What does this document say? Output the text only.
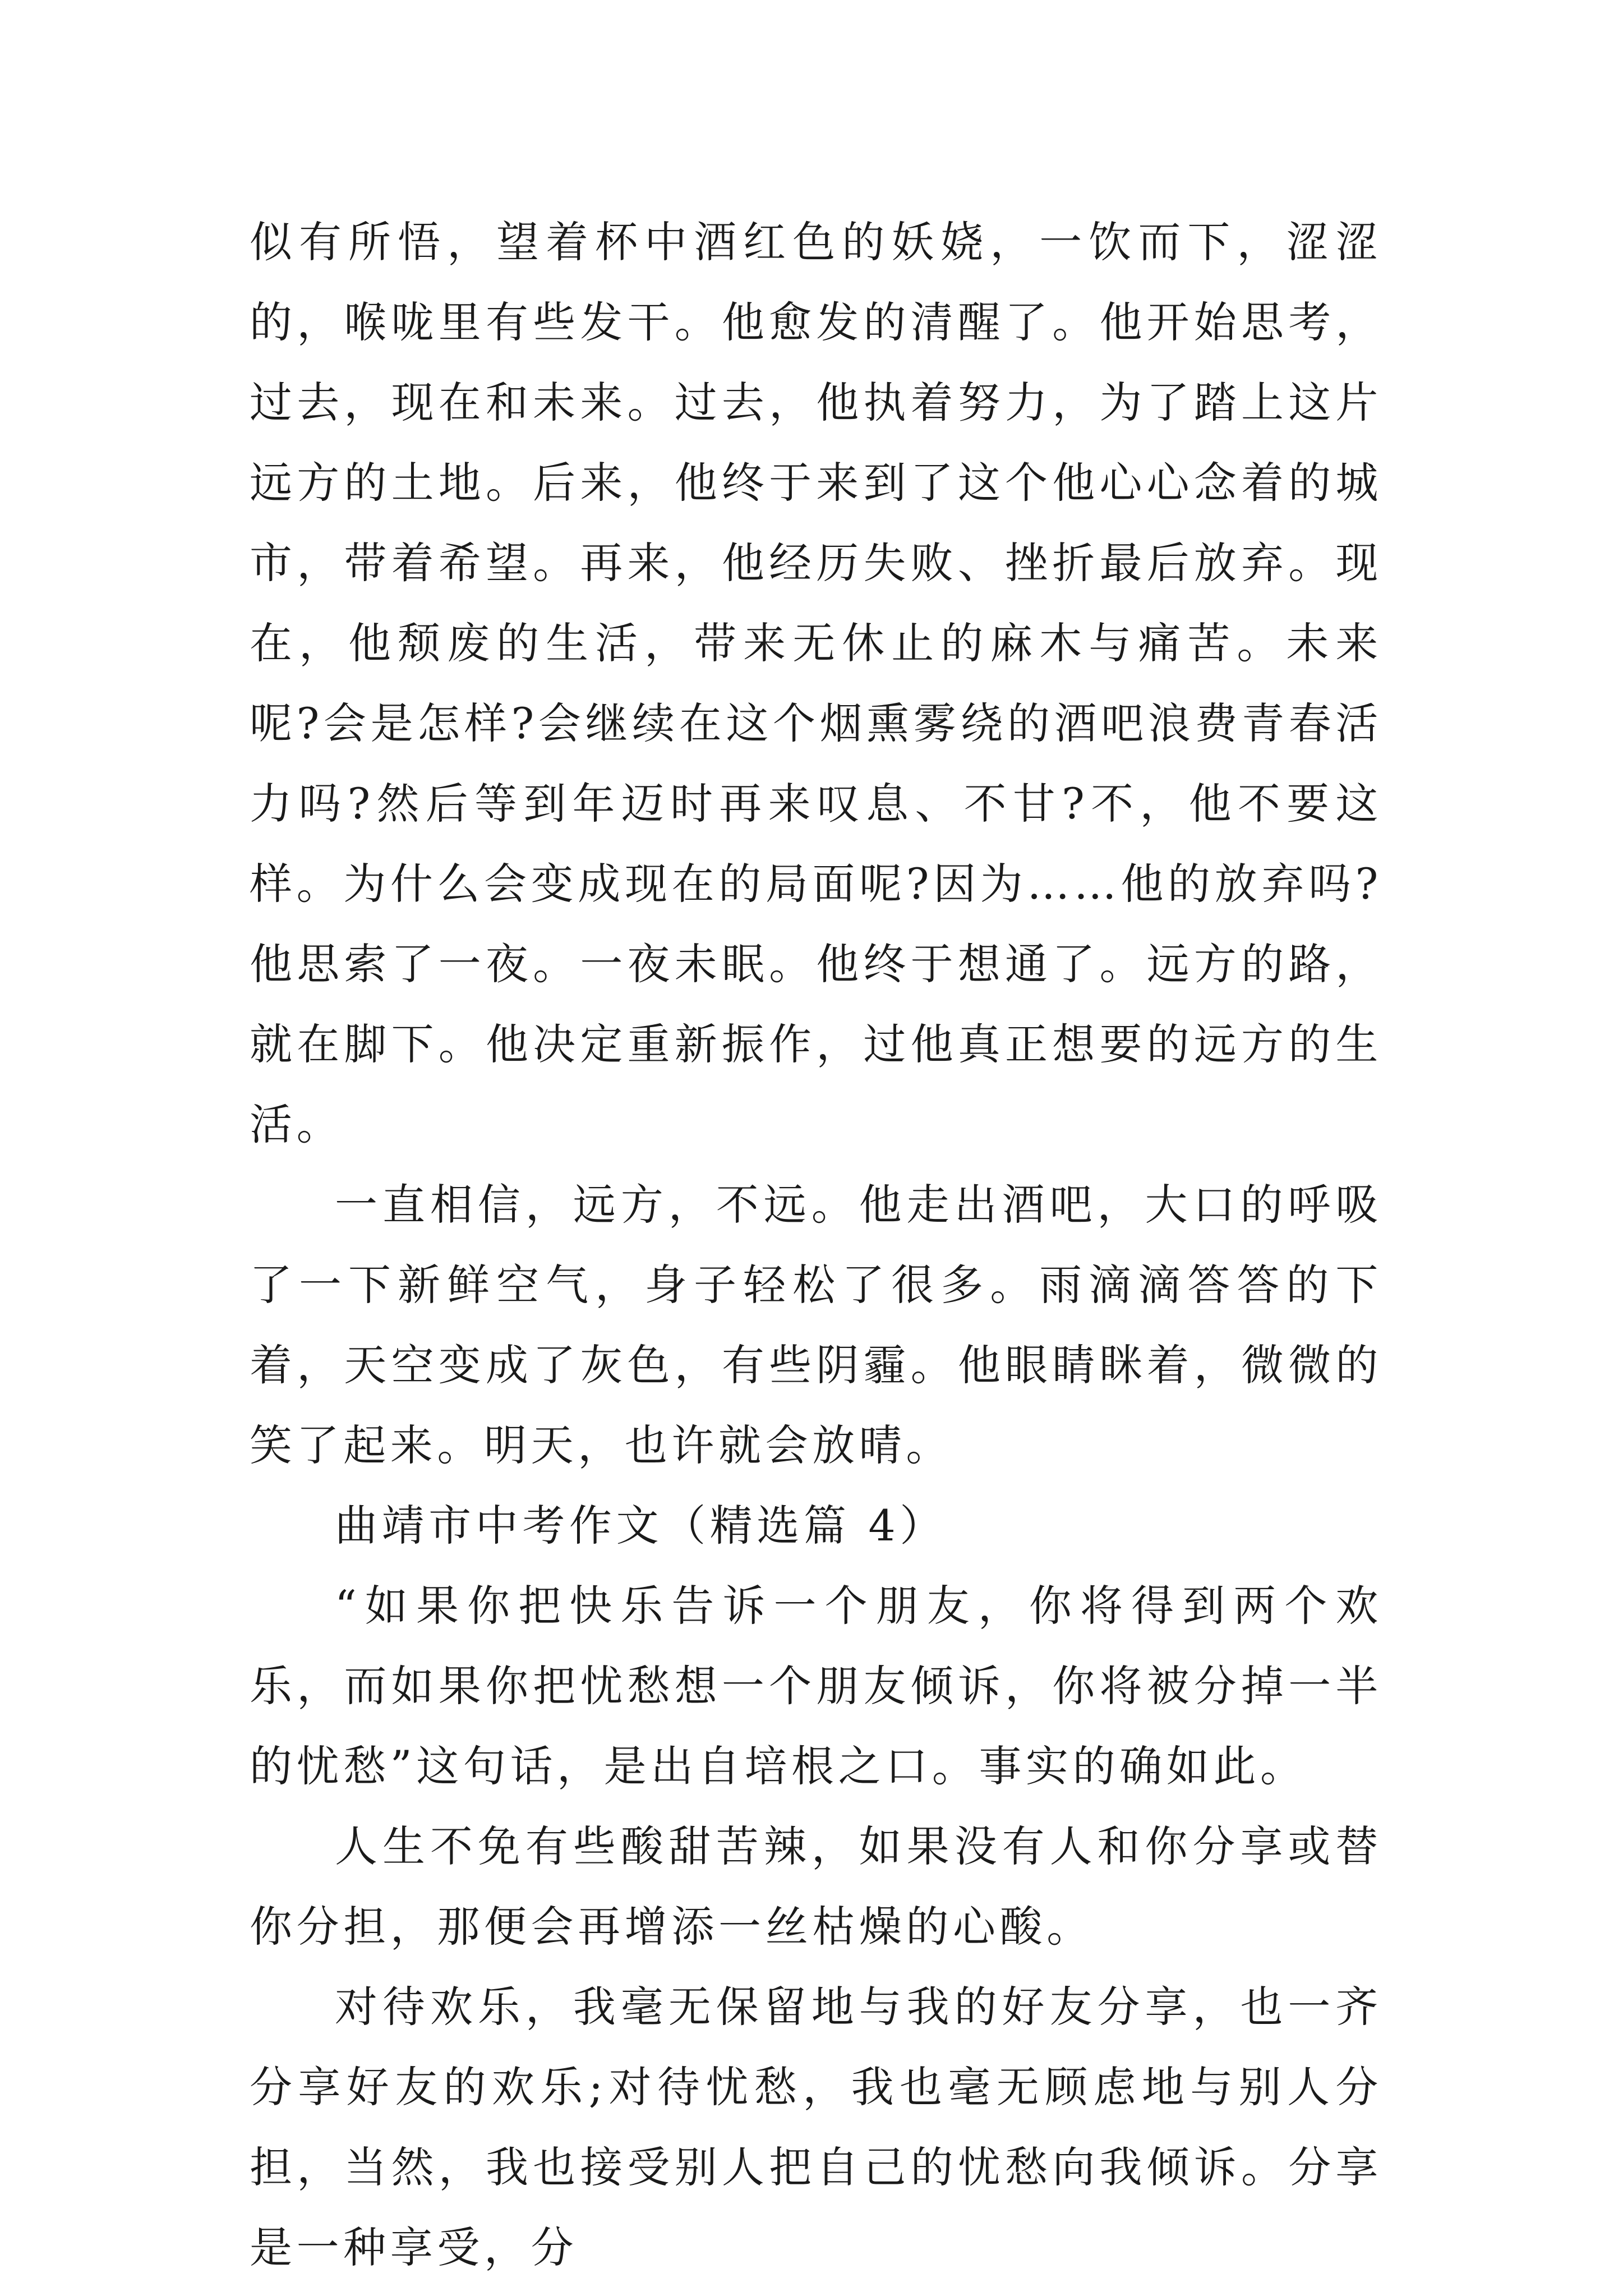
似有所悟，望着杯中酒红色的妖娆，一饮而下，涩涩的，喉咙里有些发干。他愈发的清醒了。他开始思考，过去，现在和未来。过去，他执着努力，为了踏上这片远方的土地。后来，他终于来到了这个他心心念着的城市，带着希望。再来，他经历失败、挫折最后放弃。现在，他颓废的生活，带来无休止的麻木与痛苦。未来呢?会是怎样?会继续在这个烟熏雾绕的酒吧浪费青春活力吗?然后等到年迈时再来叹息、不甘?不，他不要这样。为什么会变成现在的局面呢?因为……他的放弃吗?他思索了一夜。一夜未眠。他终于想通了。远方的路，就在脚下。他决定重新振作，过他真正想要的远方的生活。

一直相信，远方，不远。他走出酒吧，大口的呼吸了一下新鲜空气，身子轻松了很多。雨滴滴答答的下着，天空变成了灰色，有些阴霾。他眼睛眯着，微微的笑了起来。明天，也许就会放晴。

曲靖市中考作文（精选篇 4）

“如果你把快乐告诉一个朋友，你将得到两个欢乐，而如果你把忧愁想一个朋友倾诉，你将被分掉一半的忧愁”这句话，是出自培根之口。事实的确如此。

人生不免有些酸甜苦辣，如果没有人和你分享或替你分担，那便会再增添一丝枯燥的心酸。

对待欢乐，我毫无保留地与我的好友分享，也一齐分享好友的欢乐;对待忧愁，我也毫无顾虑地与别人分担，当然，我也接受别人把自己的忧愁向我倾诉。分享是一种享受，分
